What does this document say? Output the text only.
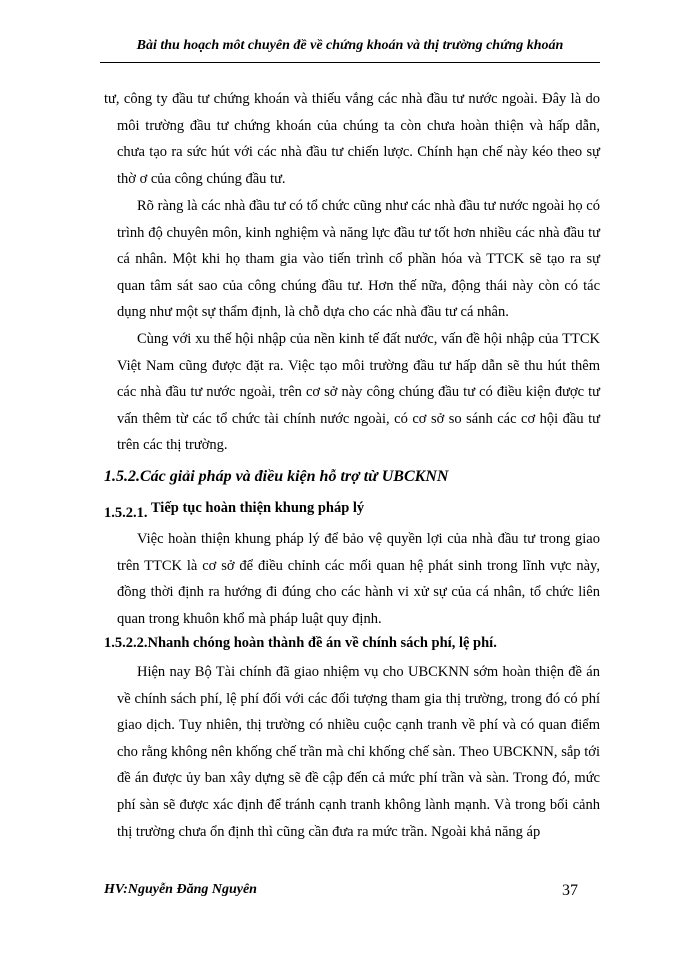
Bài thu hoạch môt chuyên đề về chứng khoán và thị trường chứng khoán

tư, công ty đầu tư chứng khoán và thiếu vắng các nhà đầu tư nước ngoài. Đây là do môi trường đầu tư chứng khoán của chúng ta còn chưa hoàn thiện và hấp dẫn, chưa tạo ra sức hút với các nhà đầu tư chiến lược. Chính hạn chế này kéo theo sự thờ ơ của công chúng đầu tư.

Rõ ràng là các nhà đầu tư có tổ chức cũng như các nhà đầu tư nước ngoài họ có trình độ chuyên môn, kinh nghiệm và năng lực đầu tư tốt hơn nhiều các nhà đầu tư cá nhân. Một khi họ tham gia vào tiến trình cổ phần hóa và TTCK sẽ tạo ra sự quan tâm sát sao của công chúng đầu tư. Hơn thế nữa, động thái này còn có tác dụng như một sự thẩm định, là chỗ dựa cho các nhà đầu tư cá nhân.

Cùng với xu thế hội nhập của nền kinh tế đất nước, vấn đề hội nhập của TTCK Việt Nam cũng được đặt ra. Việc tạo môi trường đầu tư hấp dẫn sẽ thu hút thêm các nhà đầu tư nước ngoài, trên cơ sở này công chúng đầu tư có điều kiện được tư vấn thêm từ các tổ chức tài chính nước ngoài, có cơ sở so sánh các cơ hội đầu tư trên các thị trường.

1.5.2.Các giải pháp và điều kiện hỗ trợ từ UBCKNN
1.5.2.1. Tiếp tục hoàn thiện khung pháp lý

Việc hoàn thiện khung pháp lý để bảo vệ quyền lợi của nhà đầu tư trong giao trên TTCK là cơ sở để điều chỉnh các mối quan hệ phát sinh trong lĩnh vực này, đồng thời định ra hướng đi đúng cho các hành vi xử sự của cá nhân, tổ chức liên quan trong khuôn khổ mà pháp luật quy định.

1.5.2.2.Nhanh chóng hoàn thành đề án về chính sách phí, lệ phí.

Hiện nay Bộ Tài chính đã giao nhiệm vụ cho UBCKNN sớm hoàn thiện đề án về chính sách phí, lệ phí đối với các đối tượng tham gia thị trường, trong đó có phí giao dịch. Tuy nhiên, thị trường có nhiều cuộc cạnh tranh về phí và có quan điểm cho rằng không nên khống chế trần mà chỉ khống chế sàn. Theo UBCKNN, sắp tới đề án được ủy ban xây dựng sẽ đề cập đến cả mức phí trần và sàn. Trong đó, mức phí sàn sẽ được xác định để tránh cạnh tranh không lành mạnh. Và trong bối cảnh thị trường chưa ổn định thì cũng cần đưa ra mức trần. Ngoài khả năng áp

HV:Nguyễn Đăng Nguyên	37
